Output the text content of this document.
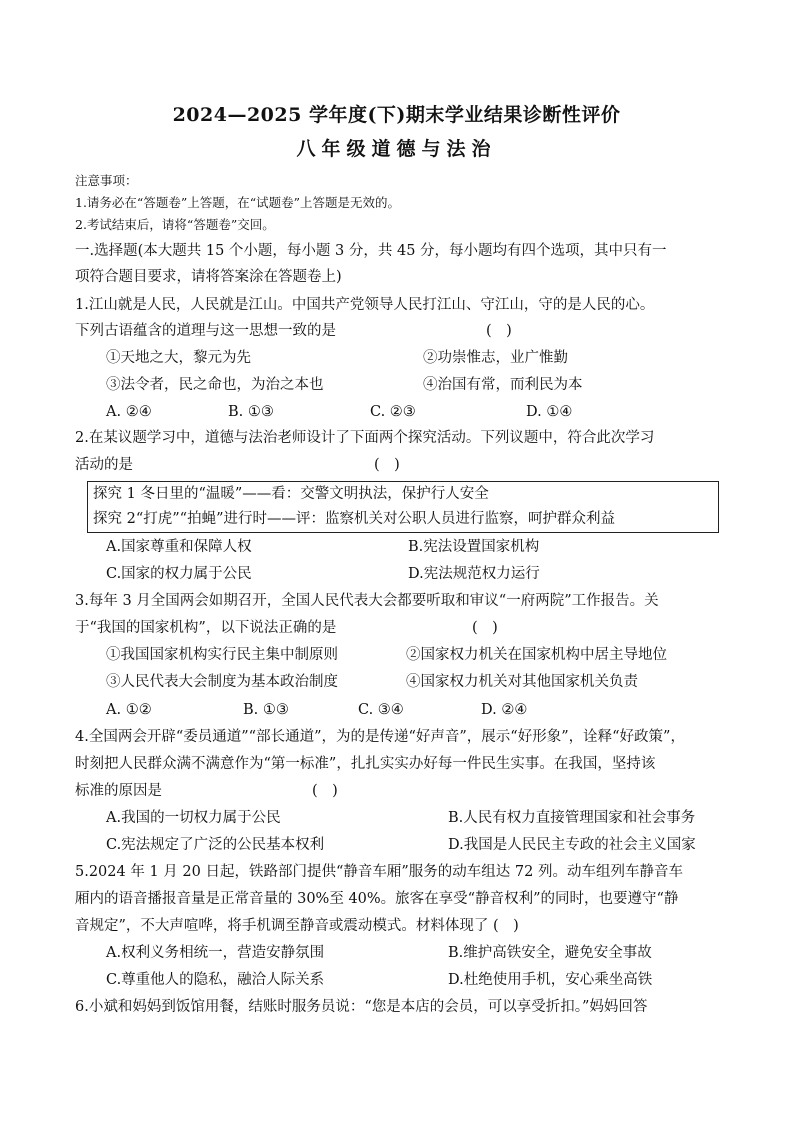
2024—2025 学年度(下)期末学业结果诊断性评价
八年级道德与法治
注意事项：
1.请务必在“答题卷”上答题，在“试题卷”上答题是无效的。
2.考试结束后，请将“答题卷”交回。
一.选择题(本大题共 15 个小题，每小题 3 分，共 45 分，每小题均有四个选项，其中只有一
项符合题目要求，请将答案涂在答题卷上)
1.江山就是人民，人民就是江山。中国共产党领导人民打江山、守江山，守的是人民的心。
下列古语蕴含的道理与这一思想一致的是	(　)
①天地之大，黎元为先	②功崇惟志，业广惟勤
③法令者，民之命也，为治之本也	④治国有常，而利民为本
A. ②④	B. ①③	C. ②③	D. ①④
2.在某议题学习中，道德与法治老师设计了下面两个探究活动。下列议题中，符合此次学习
活动的是	(　)
探究 1 冬日里的“温暖”——看：交警文明执法，保护行人安全
探究 2“打虎”“拍蝇”进行时——评：监察机关对公职人员进行监察，呵护群众利益
A.国家尊重和保障人权	B.宪法设置国家机构
C.国家的权力属于公民	D.宪法规范权力运行
3.每年 3 月全国两会如期召开，全国人民代表大会都要听取和审议“一府两院”工作报告。关
于“我国的国家机构”，以下说法正确的是	(　)
①我国国家机构实行民主集中制原则	②国家权力机关在国家机构中居主导地位
③人民代表大会制度为基本政治制度	④国家权力机关对其他国家机关负责
A. ①②	B. ①③	C. ③④	D. ②④
4.全国两会开辟“委员通道”“部长通道”，为的是传递“好声音”，展示“好形象”，诠释“好政策”，
时刻把人民群众满不满意作为“第一标准”，扎扎实实办好每一件民生实事。在我国，坚持该
标准的原因是	(　)
A.我国的一切权力属于公民	B.人民有权力直接管理国家和社会事务
C.宪法规定了广泛的公民基本权利	D.我国是人民民主专政的社会主义国家
5.2024 年 1 月 20 日起，铁路部门提供“静音车厢”服务的动车组达 72 列。动车组列车静音车
厢内的语音播报音量是正常音量的 30%至 40%。旅客在享受“静音权利”的同时，也要遵守“静
音规定”，不大声喧哗，将手机调至静音或震动模式。材料体现了 (　)
A.权利义务相统一，营造安静氛围	B.维护高铁安全，避免安全事故
C.尊重他人的隐私，融洽人际关系	D.杜绝使用手机，安心乘坐高铁
6.小斌和妈妈到饭馆用餐，结账时服务员说：“您是本店的会员，可以享受折扣。”妈妈回答
